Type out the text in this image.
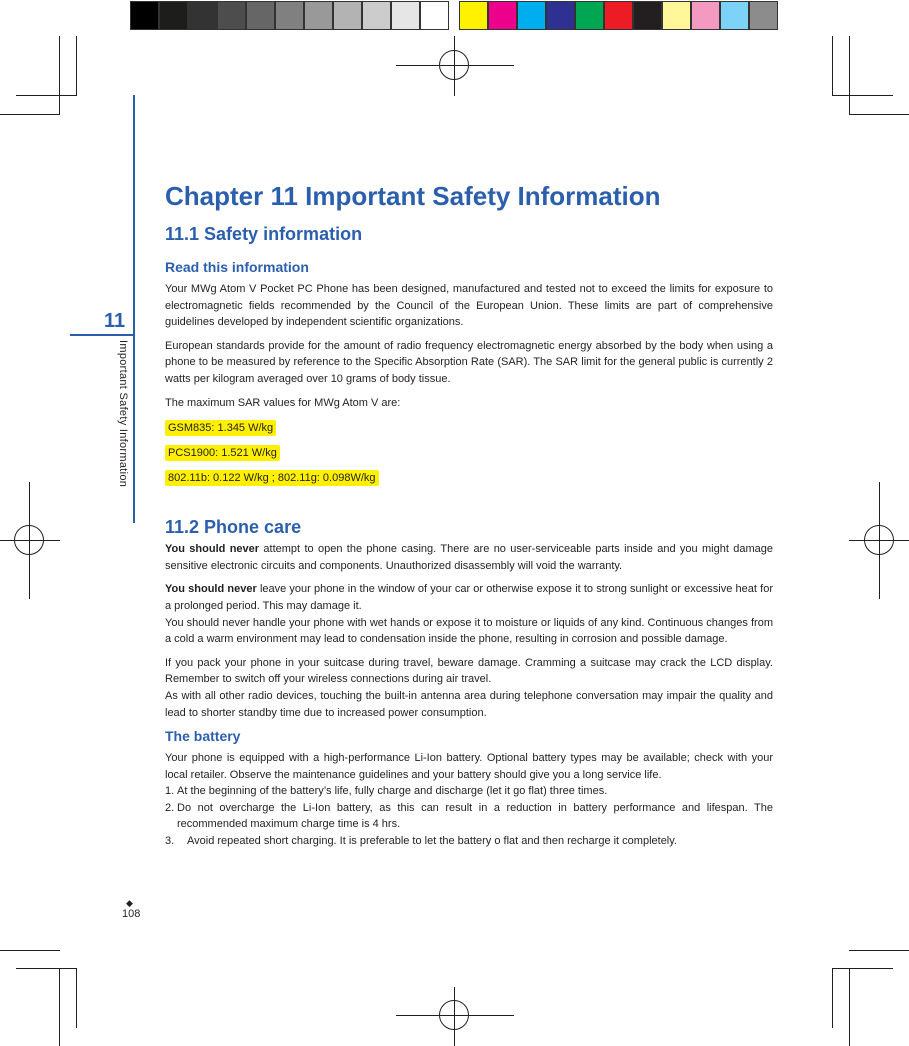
11
Important Safety Information
◆
108
Chapter 11 Important Safety Information
11.1 Safety information
Read this information

Your MWg Atom V Pocket PC Phone has been designed, manufactured and tested not to exceed the limits for exposure to electromagnetic fields recommended by the Council of the European Union. These limits are part of comprehensive guidelines developed by independent scientific organizations.

European standards provide for the amount of radio frequency electromagnetic energy absorbed by the body when using a phone to be measured by reference to the Specific Absorption Rate (SAR). The SAR limit for the general public is currently 2 watts per kilogram averaged over 10 grams of body tissue.

The maximum SAR values for MWg Atom V are:

GSM835: 1.345 W/kg
PCS1900: 1.521 W/kg
802.11b: 0.122 W/kg ; 802.11g: 0.098W/kg
11.2 Phone care

You should never attempt to open the phone casing. There are no user-serviceable parts inside and you might damage sensitive electronic circuits and components. Unauthorized disassembly will void the warranty.

You should never leave your phone in the window of your car or otherwise expose it to strong sunlight or excessive heat for a prolonged period. This may damage it.

You should never handle your phone with wet hands or expose it to moisture or liquids of any kind. Continuous changes from a cold a warm environment may lead to condensation inside the phone, resulting in corrosion and possible damage.

If you pack your phone in your suitcase during travel, beware damage. Cramming a suitcase may crack the LCD display. Remember to switch off your wireless connections during air travel.

As with all other radio devices, touching the built-in antenna area during telephone conversation may impair the quality and lead to shorter standby time due to increased power consumption.

The battery

Your phone is equipped with a high-performance Li-Ion battery. Optional battery types may be available; check with your local retailer. Observe the maintenance guidelines and your battery should give you a long service life.

1. At the beginning of the battery’s life, fully charge and discharge (let it go flat) three times.
2. Do not overcharge the Li-Ion battery, as this can result in a reduction in battery performance and lifespan. The recommended maximum charge time is 4 hrs.
3.	Avoid repeated short charging. It is preferable to let the battery o flat and then recharge it completely.
